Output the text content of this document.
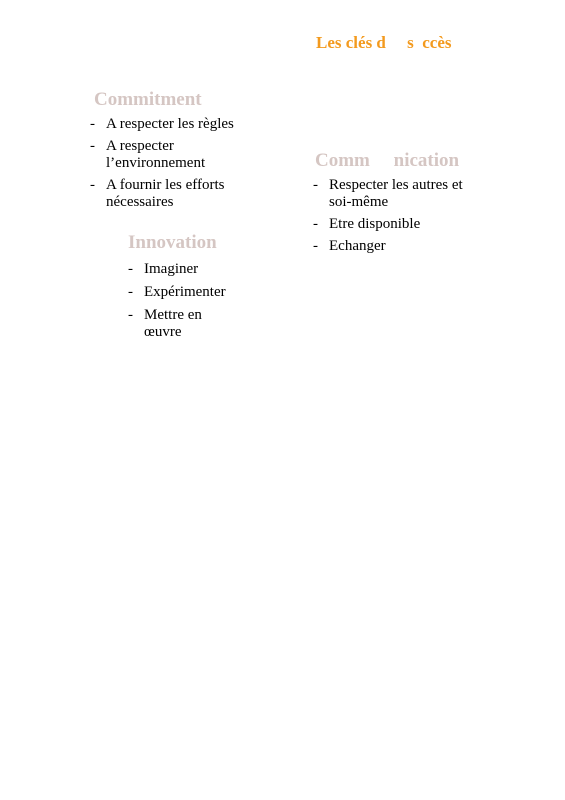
Les clés d     s  ccès
Commitment
- A respecter les règles
- A respecter l’environnement
- A fournir les efforts nécessaires
Innovation
- Imaginer
- Expérimenter
- Mettre en œuvre
Comm     nication
- Respecter les autres et soi-même
- Etre disponible
- Echanger
